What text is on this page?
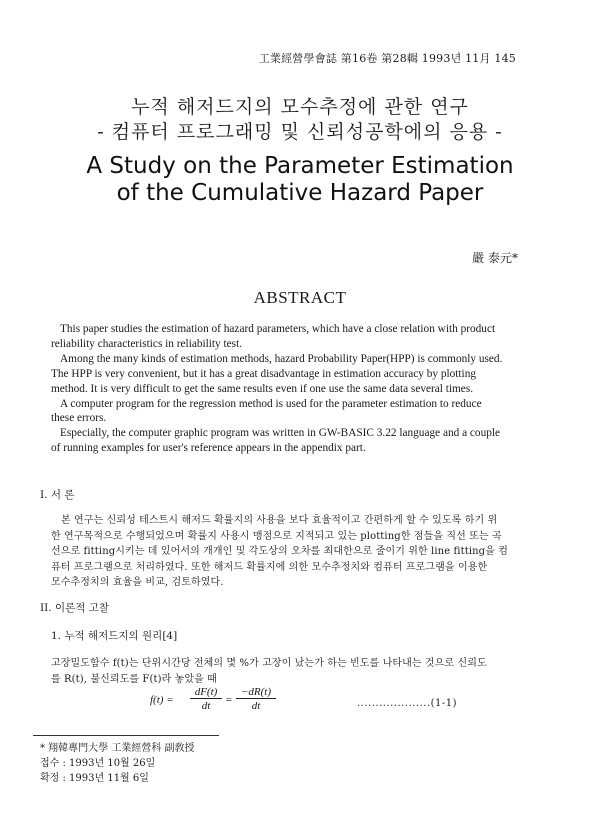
工業經營學會誌 第16卷 第28輯 1993년 11月 145
누적 해저드지의 모수추정에 관한 연구
- 컴퓨터 프로그래밍 및 신뢰성공학에의 응용 -
A Study on the Parameter Estimation
of the Cumulative Hazard Paper
嚴 泰元*
ABSTRACT

This paper studies the estimation of hazard parameters, which have a close relation with product

reliability characteristics in reliability test.

Among the many kinds of estimation methods, hazard Probability Paper(HPP) is commonly used.

The HPP is very convenient, but it has a great disadvantage in estimation accuracy by plotting

method. It is very difficult to get the same results even if one use the same data several times.

A computer program for the regression method is used for the parameter estimation to reduce

these errors.

Especially, the computer graphic program was written in GW-BASIC 3.22 language and a couple

of running examples for user's reference appears in the appendix part.

I. 서 론
본 연구는 신뢰성 테스트시 해저드 확률지의 사용을 보다 효율적이고 간편하게 할 수 있도록 하기 위
한 연구목적으로 수행되었으며 확률지 사용시 맹점으로 지적되고 있는 plotting한 점들을 직선 또는 곡
선으로 fitting시키는 데 있어서의 개개인 및 각도상의 오차를 최대한으로 줄이기 위한 line fitting을 컴
퓨터 프로그램으로 처리하였다. 또한 해저드 확률지에 의한 모수추정치와 컴퓨터 프로그램을 이용한
모수추정치의 효율을 비교, 검토하였다.
II. 이론적 고찰
1. 누적 해저드지의 원리[4]
고장밀도함수 f(t)는 단위시간당 전체의 몇 %가 고장이 났는가 하는 빈도를 나타내는 것으로 신뢰도
를 R(t), 불신뢰도를 F(t)라 놓았을 때
f(t) =
dF(t)
dt	=
−dR(t)
dt	....................(1-1)
* 翔韓專門大學 工業經營科 副敎授
접수 : 1993년 10월 26일
확정 : 1993년 11월 6일
